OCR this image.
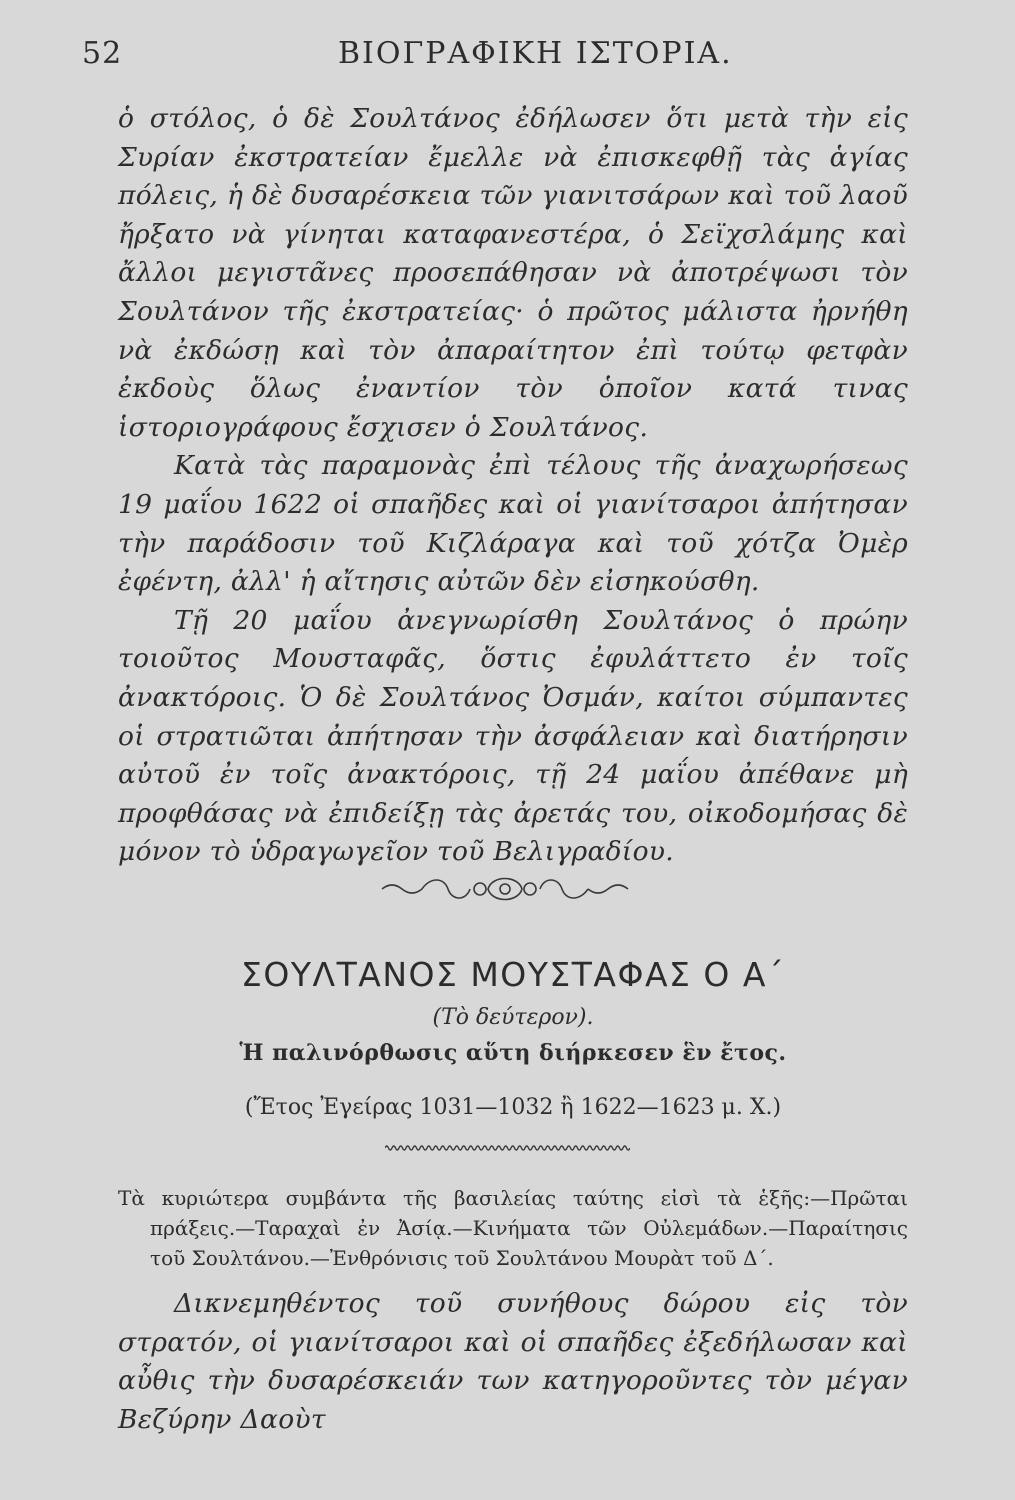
52	ΒΙΟΓΡΑΦΙΚΗ ΙΣΤΟΡΙΑ.

ὁ στόλος, ὁ δὲ Σουλτάνος ἐδήλωσεν ὅτι μετὰ τὴν εἰς Συρίαν ἐκστρατείαν ἔμελλε νὰ ἐπισκεφθῇ τὰς ἁγίας πόλεις, ἡ δὲ δυσαρέσκεια τῶν γιανιτσάρων καὶ τοῦ λαοῦ ἤρξατο νὰ γίνηται καταφανεστέρα, ὁ Σεϊχσλάμης καὶ ἄλλοι μεγιστᾶνες προσεπάθησαν νὰ ἀποτρέψωσι τὸν Σουλτάνον τῆς ἐκστρατείας· ὁ πρῶτος μάλιστα ἠρνήθη νὰ ἐκδώσῃ καὶ τὸν ἀπαραίτητον ἐπὶ τούτῳ φετφὰν ἐκδοὺς ὅλως ἐναντίον τὸν ὁποῖον κατά τινας ἱστοριογράφους ἔσχισεν ὁ Σουλτάνος.

Κατὰ τὰς παραμονὰς ἐπὶ τέλους τῆς ἀναχωρήσεως 19 μαΐου 1622 οἱ σπαῆδες καὶ οἱ γιανίτσαροι ἀπήτησαν τὴν παράδοσιν τοῦ Κιζλάραγα καὶ τοῦ χότζα Ὀμὲρ ἐφέντη, ἀλλ' ἡ αἴτησις αὐτῶν δὲν εἰσηκούσθη.

Τῇ 20 μαΐου ἀνεγνωρίσθη Σουλτάνος ὁ πρώην τοιοῦτος Μουσταφᾶς, ὅστις ἐφυλάττετο ἐν τοῖς ἀνακτόροις. Ὁ δὲ Σουλτάνος Ὀσμάν, καίτοι σύμπαντες οἱ στρατιῶται ἀπήτησαν τὴν ἀσφάλειαν καὶ διατήρησιν αὐτοῦ ἐν τοῖς ἀνακτόροις, τῇ 24 μαΐου ἀπέθανε μὴ προφθάσας νὰ ἐπιδείξῃ τὰς ἀρετάς του, οἰκοδομήσας δὲ μόνον τὸ ὑδραγωγεῖον τοῦ Βελιγραδίου.

ΣΟΥΛΤΑΝΟΣ ΜΟΥΣΤΑΦΑΣ Ο Α΄
(Τὸ δεύτερον).
Ἡ παλινόρθωσις αὕτη διήρκεσεν ἓν ἔτος.
(Ἔτος Ἐγείρας 1031—1032 ἢ 1622—1623 μ. Χ.)
Τὰ κυριώτερα συμβάντα τῆς βασιλείας ταύτης εἰσὶ τὰ ἑξῆς:—Πρῶται πράξεις.—Ταραχαὶ ἐν Ἀσίᾳ.—Κινήματα τῶν Οὐλεμάδων.—Παραίτησις τοῦ Σουλτάνου.—Ἐνθρόνισις τοῦ Σουλτάνου Μουρὰτ τοῦ Δ΄.

Δικνεμηθέντος τοῦ συνήθους δώρου εἰς τὸν στρατόν, οἱ γιανίτσαροι καὶ οἱ σπαῆδες ἐξεδήλωσαν καὶ αὖθις τὴν δυσαρέσκειάν των κατηγοροῦντες τὸν μέγαν Βεζύρην Δαοὺτ
